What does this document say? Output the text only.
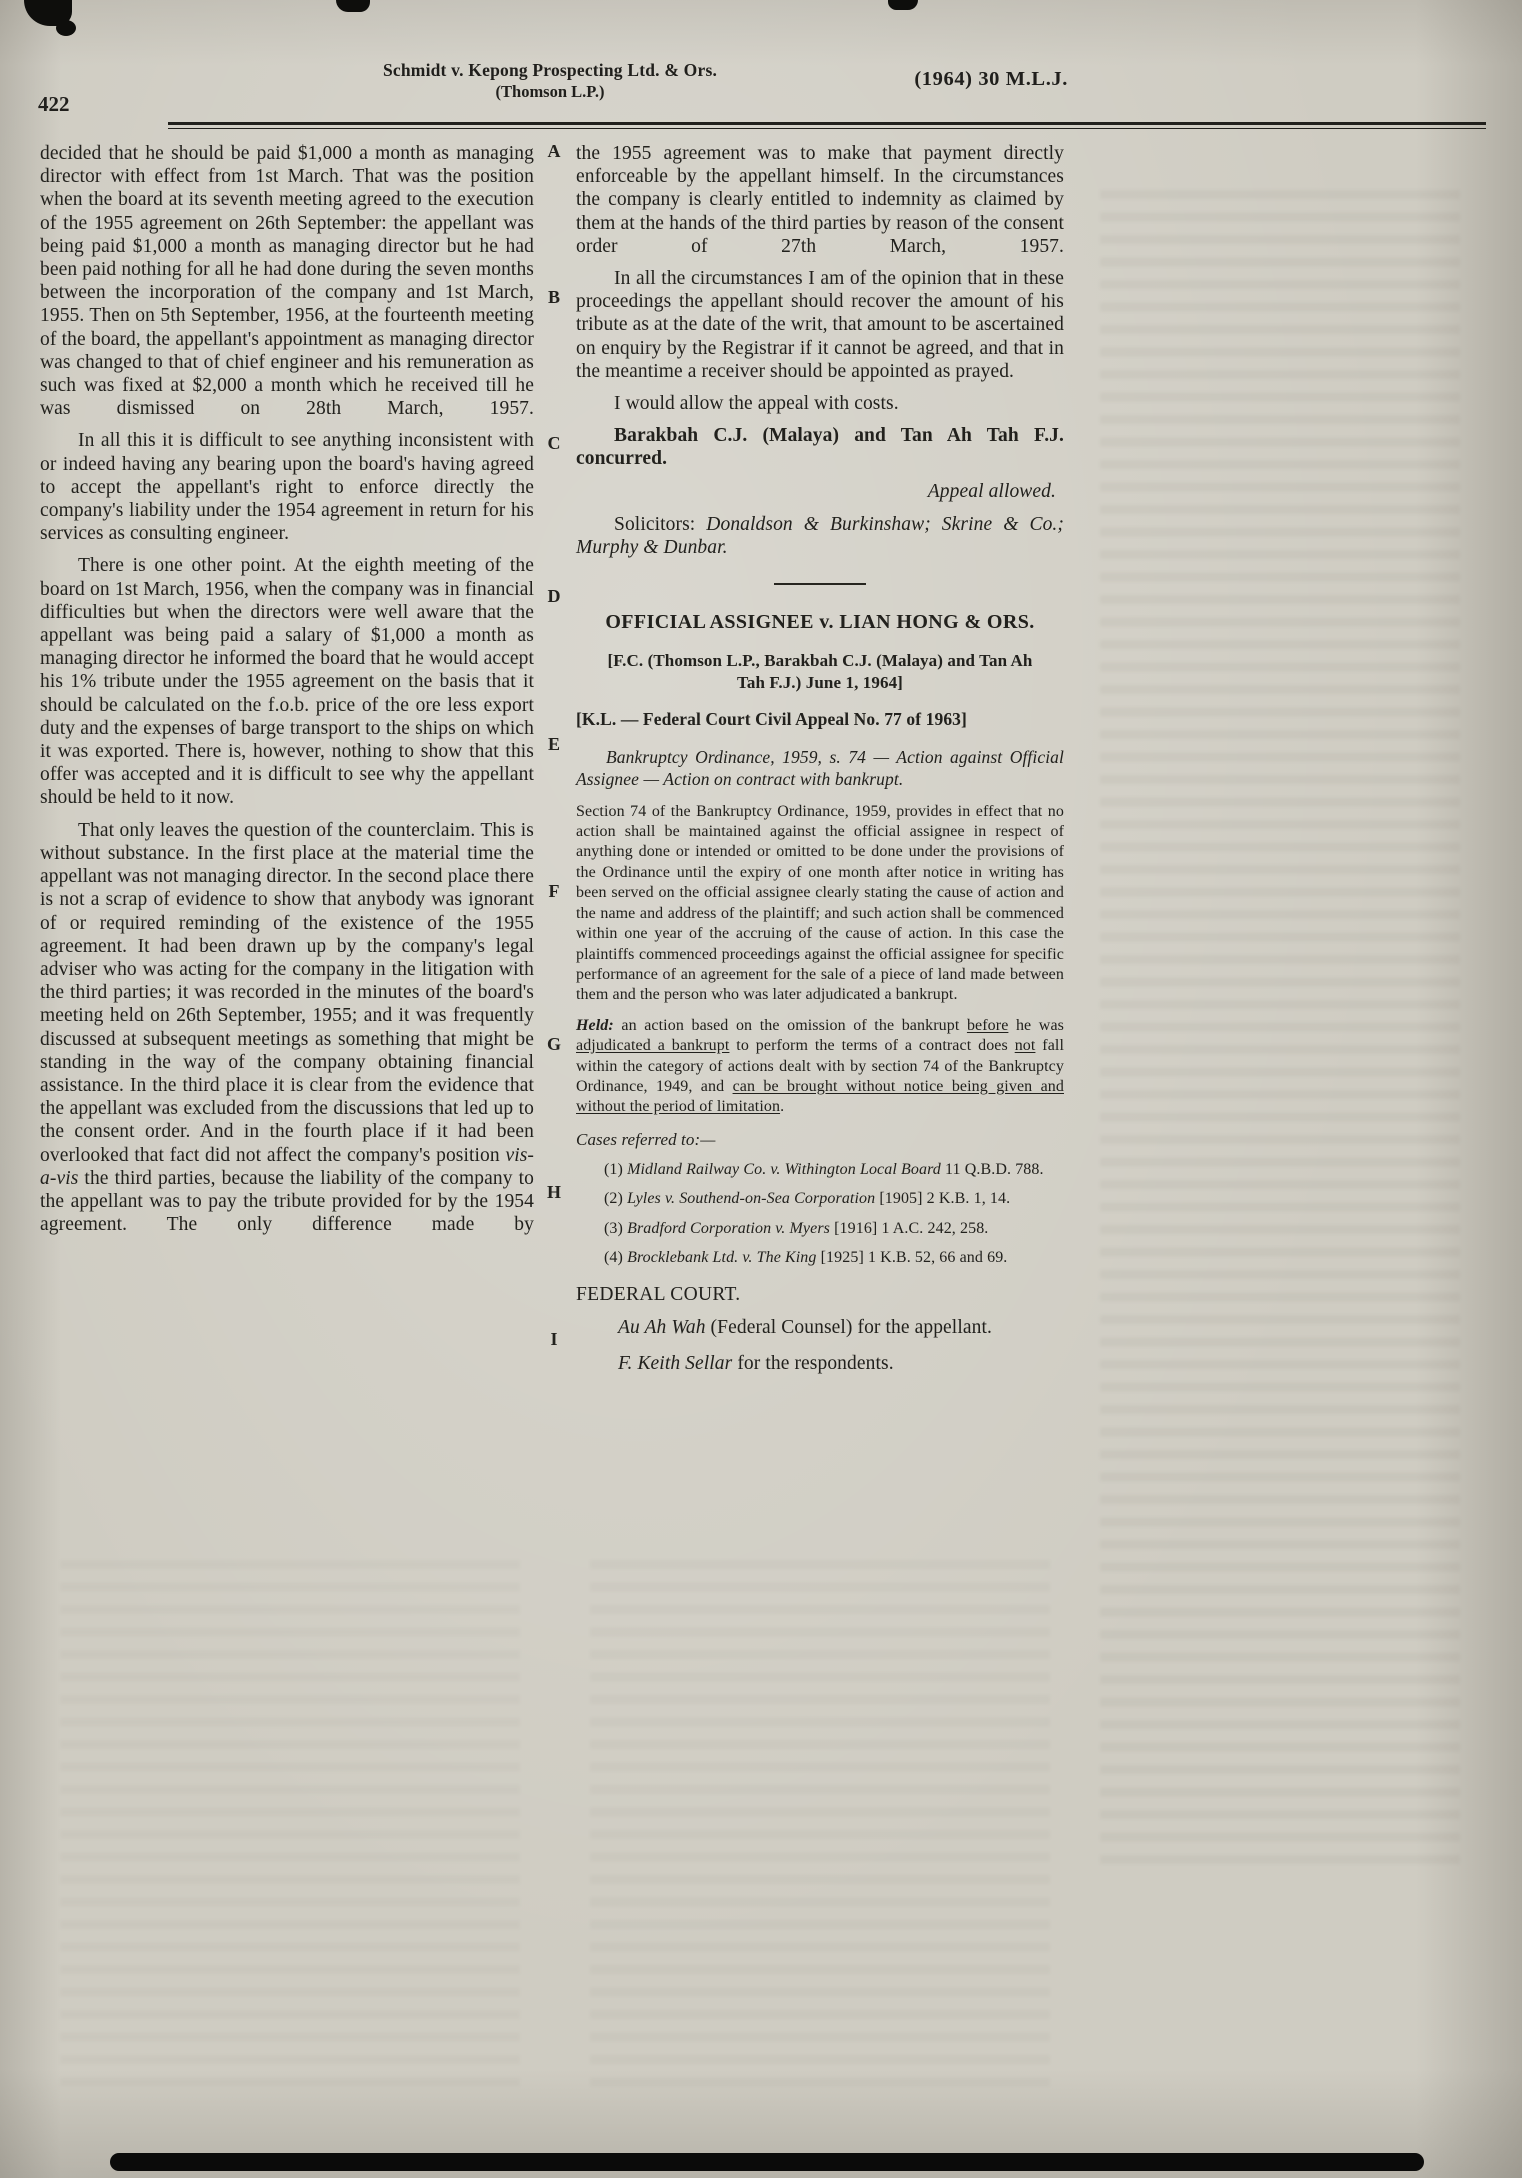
422
Schmidt v. Kepong Prospecting Ltd. & Ors.
(Thomson L.P.)
(1964) 30 M.L.J.
A
B
C
D
E
F
G
H
I

decided that he should be paid $1,000 a month as managing director with effect from 1st March. That was the position when the board at its seventh meeting agreed to the execution of the 1955 agreement on 26th September: the appellant was being paid $1,000 a month as managing director but he had been paid nothing for all he had done during the seven months between the incorporation of the company and 1st March, 1955. Then on 5th September, 1956, at the fourteenth meeting of the board, the appellant's appointment as managing director was changed to that of chief engineer and his remuneration as such was fixed at $2,000 a month which he received till he was dismissed on 28th March, 1957.

In all this it is difficult to see anything inconsistent with or indeed having any bearing upon the board's having agreed to accept the appellant's right to enforce directly the company's liability under the 1954 agreement in return for his services as consulting engineer.

There is one other point. At the eighth meeting of the board on 1st March, 1956, when the company was in financial difficulties but when the directors were well aware that the appellant was being paid a salary of $1,000 a month as managing director he informed the board that he would accept his 1% tribute under the 1955 agreement on the basis that it should be calculated on the f.o.b. price of the ore less export duty and the expenses of barge transport to the ships on which it was exported. There is, however, nothing to show that this offer was accepted and it is difficult to see why the appellant should be held to it now.

That only leaves the question of the counterclaim. This is without substance. In the first place at the material time the appellant was not managing director. In the second place there is not a scrap of evidence to show that anybody was ignorant of or required reminding of the existence of the 1955 agreement. It had been drawn up by the company's legal adviser who was acting for the company in the litigation with the third parties; it was recorded in the minutes of the board's meeting held on 26th September, 1955; and it was frequently discussed at subsequent meetings as something that might be standing in the way of the company obtaining financial assistance. In the third place it is clear from the evidence that the appellant was excluded from the discussions that led up to the consent order. And in the fourth place if it had been overlooked that fact did not affect the company's position vis-a-vis the third parties, because the liability of the company to the appellant was to pay the tribute provided for by the 1954 agreement. The only difference made by

the 1955 agreement was to make that payment directly enforceable by the appellant himself. In the circumstances the company is clearly entitled to indemnity as claimed by them at the hands of the third parties by reason of the consent order of 27th March, 1957.

In all the circumstances I am of the opinion that in these proceedings the appellant should recover the amount of his tribute as at the date of the writ, that amount to be ascertained on enquiry by the Registrar if it cannot be agreed, and that in the meantime a receiver should be appointed as prayed.

I would allow the appeal with costs.

Barakbah C.J. (Malaya) and Tan Ah Tah F.J. concurred.

Appeal allowed.

Solicitors: Donaldson & Burkinshaw; Skrine & Co.; Murphy & Dunbar.

OFFICIAL ASSIGNEE v. LIAN HONG & ORS.
[F.C. (Thomson L.P., Barakbah C.J. (Malaya) and Tan Ah Tah F.J.) June 1, 1964]
[K.L. — Federal Court Civil Appeal No. 77 of 1963]

Bankruptcy Ordinance, 1959, s. 74 — Action against Official Assignee — Action on contract with bankrupt.

Section 74 of the Bankruptcy Ordinance, 1959, provides in effect that no action shall be maintained against the official assignee in respect of anything done or intended or omitted to be done under the provisions of the Ordinance until the expiry of one month after notice in writing has been served on the official assignee clearly stating the cause of action and the name and address of the plaintiff; and such action shall be commenced within one year of the accruing of the cause of action. In this case the plaintiffs commenced proceedings against the official assignee for specific performance of an agreement for the sale of a piece of land made between them and the person who was later adjudicated a bankrupt.

Held: an action based on the omission of the bankrupt before he was adjudicated a bankrupt to perform the terms of a contract does not fall within the category of actions dealt with by section 74 of the Bankruptcy Ordinance, 1949, and can be brought without notice being given and without the period of limitation.

Cases referred to:—

(1) Midland Railway Co. v. Withington Local Board 11 Q.B.D. 788.
(2) Lyles v. Southend-on-Sea Corporation [1905] 2 K.B. 1, 14.
(3) Bradford Corporation v. Myers [1916] 1 A.C. 242, 258.
(4) Brocklebank Ltd. v. The King [1925] 1 K.B. 52, 66 and 69.
FEDERAL COURT.

Au Ah Wah (Federal Counsel) for the appellant.

F. Keith Sellar for the respondents.
